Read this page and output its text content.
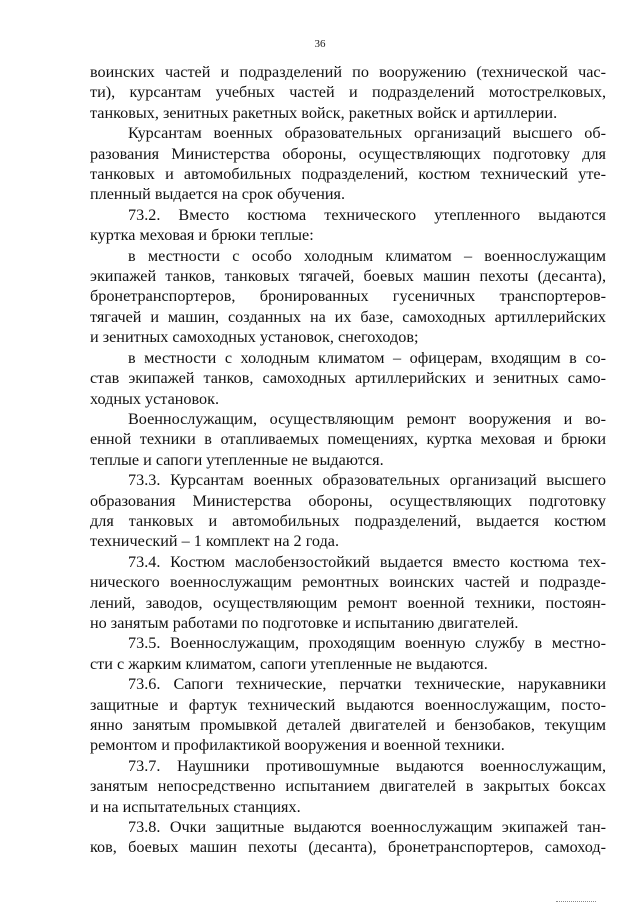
36
воинских частей и подразделений по вооружению (технической час-
ти), курсантам учебных частей и подразделений мотострелковых,
танковых, зенитных ракетных войск, ракетных войск и артиллерии.
Курсантам военных образовательных организаций высшего об-
разования Министерства обороны, осуществляющих подготовку для
танковых и автомобильных подразделений, костюм технический уте-
пленный выдается на срок обучения.
73.2. Вместо костюма технического утепленного выдаются
куртка меховая и брюки теплые:
в местности с особо холодным климатом – военнослужащим
экипажей танков, танковых тягачей, боевых машин пехоты (десанта),
бронетранспортеров, бронированных гусеничных транспортеров-
тягачей и машин, созданных на их базе, самоходных артиллерийских
и зенитных самоходных установок, снегоходов;
в местности с холодным климатом – офицерам, входящим в со-
став экипажей танков, самоходных артиллерийских и зенитных само-
ходных установок.
Военнослужащим, осуществляющим ремонт вооружения и во-
енной техники в отапливаемых помещениях, куртка меховая и брюки
теплые и сапоги утепленные не выдаются.
73.3. Курсантам военных образовательных организаций высшего
образования Министерства обороны, осуществляющих подготовку
для танковых и автомобильных подразделений, выдается костюм
технический – 1 комплект на 2 года.
73.4. Костюм маслобензостойкий выдается вместо костюма тех-
нического военнослужащим ремонтных воинских частей и подразде-
лений, заводов, осуществляющим ремонт военной техники, постоян-
но занятым работами по подготовке и испытанию двигателей.
73.5. Военнослужащим, проходящим военную службу в местно-
сти с жарким климатом, сапоги утепленные не выдаются.
73.6. Сапоги технические, перчатки технические, нарукавники
защитные и фартук технический выдаются военнослужащим, посто-
янно занятым промывкой деталей двигателей и бензобаков, текущим
ремонтом и профилактикой вооружения и военной техники.
73.7. Наушники противошумные выдаются военнослужащим,
занятым непосредственно испытанием двигателей в закрытых боксах
и на испытательных станциях.
73.8. Очки защитные выдаются военнослужащим экипажей тан-
ков, боевых машин пехоты (десанта), бронетранспортеров, самоход-
